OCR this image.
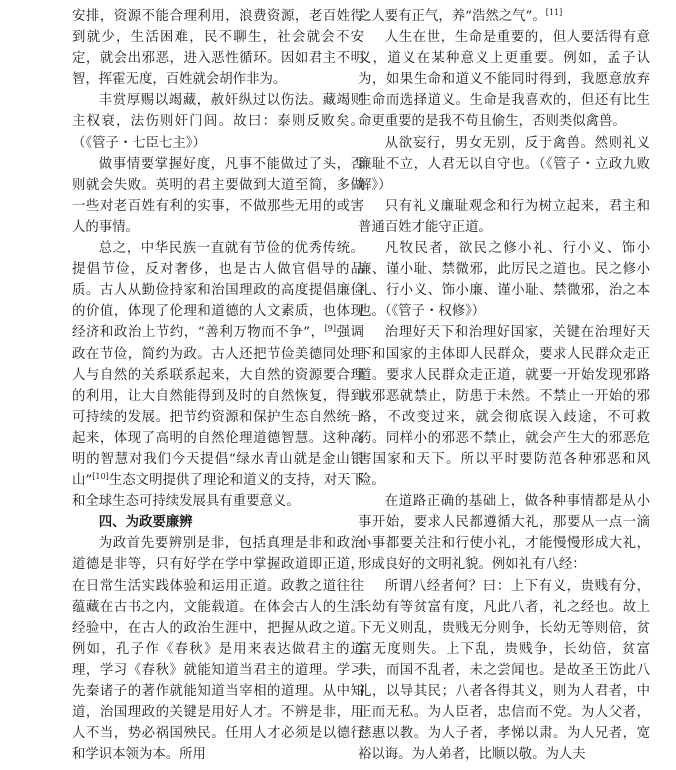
安排，资源不能合理利用，浪费资源，老百姓得到就少，生活困难，民不聊生，社会就会不安定，就会出邪恶，进入恶性循环。因如君主不明智，挥霍无度，百姓就会胡作非为。

丰赏厚赐以竭藏，赦奸纵过以伤法。藏竭则主权衰，法伤则奸门闾。故曰：泰则反败矣。（《管子・七臣七主》）

做事情要掌握好度，凡事不能做过了头，否则就会失败。英明的君主要做到大道至简，多做一些对老百姓有利的实事，不做那些无用的或害人的事情。

总之，中华民族一直就有节俭的优秀传统。提倡节俭，反对奢侈，也是古人做官倡导的品质。古人从勤俭持家和治国理政的高度提倡廉俭的价值，体现了伦理和道德的人文素质，也体现经济和政治上节约，“善利万物而不争”，[9]强调政在节俭，简约为政。古人还把节俭美德同处理人与自然的关系联系起来，大自然的资源要合理的利用，让大自然能得到及时的自然恢复，得到可持续的发展。把节约资源和保护生态自然统一起来，体现了高明的自然伦理道德智慧。这种高明的智慧对我们今天提倡“绿水青山就是金山银山”[10]生态文明提供了理论和道义的支持，对天下和全球生态可持续发展具有重要意义。

四、为政要廉辨

为政首先要辨别是非，包括真理是非和政治道德是非等，只有好学在学中掌握政道即正道，在日常生活实践体验和运用正道。政教之道往往蕴藏在古书之内，文能载道。在体会古人的生活经验中，在古人的政治生涯中，把握从政之道。例如，孔子作《春秋》是用来表达做君主的道理，学习《春秋》就能知道当君主的道理。学习先秦诸子的著作就能知道当宰相的道理。从中知道，治国理政的关键是用好人才。不辨是非，用人不当，势必祸国殃民。任用人才必须是以德行和学识本领为本。所用

之人要有正气，养“浩然之气”。[11]

人生在世，生命是重要的，但人要活得有意义，道义在某种意义上更重要。例如，孟子认为，如果生命和道义不能同时得到，我愿意放弃生命而选择道义。生命是我喜欢的，但还有比生命更重要的是我不苟且偷生，否则类似禽兽。

从欲妄行，男女无别，反于禽兽。然则礼义廉耻不立，人君无以自守也。（《管子・立政九败解》）

只有礼义廉耻观念和行为树立起来，君主和普通百姓才能守正道。

凡牧民者，欲民之修小礼、行小义、饰小廉、谨小耻、禁微邪，此厉民之道也。民之修小礼、行小义、饰小廉、谨小耻、禁微邪，治之本也。（《管子・权修》）

治理好天下和治理好国家，关键在治理好天下和国家的主体即人民群众，要求人民群众走正道。要求人民群众走正道，就要一开始发现邪路或邪恶就禁止，防患于未然。不禁止一开始的邪路，不改变过来，就会彻底误入歧途，不可救药。同样小的邪恶不禁止，就会产生大的邪恶危害国家和天下。所以平时要防范各种邪恶和风险。

在道路正确的基础上，做各种事情都是从小事开始，要求人民都遵循大礼，那要从一点一滴小事都要关注和行使小礼，才能慢慢形成大礼，形成良好的文明礼貌。例如礼有八经：

所谓八经者何？曰：上下有义，贵贱有分，长幼有等贫富有度，凡此八者，礼之经也。故上下无义则乱，贵贱无分则争，长幼无等则倍，贫富无度则失。上下乱，贵贱争，长幼倍，贫富失，而国不乱者，未之尝闻也。是故圣王饬此八礼，以导其民；八者各得其义，则为人君者，中正而无私。为人臣者，忠信而不党。为人父者，慈惠以教。为人子者，孝悌以肃。为人兄者，宽裕以诲。为人弟者，比顺以敬。为人夫
